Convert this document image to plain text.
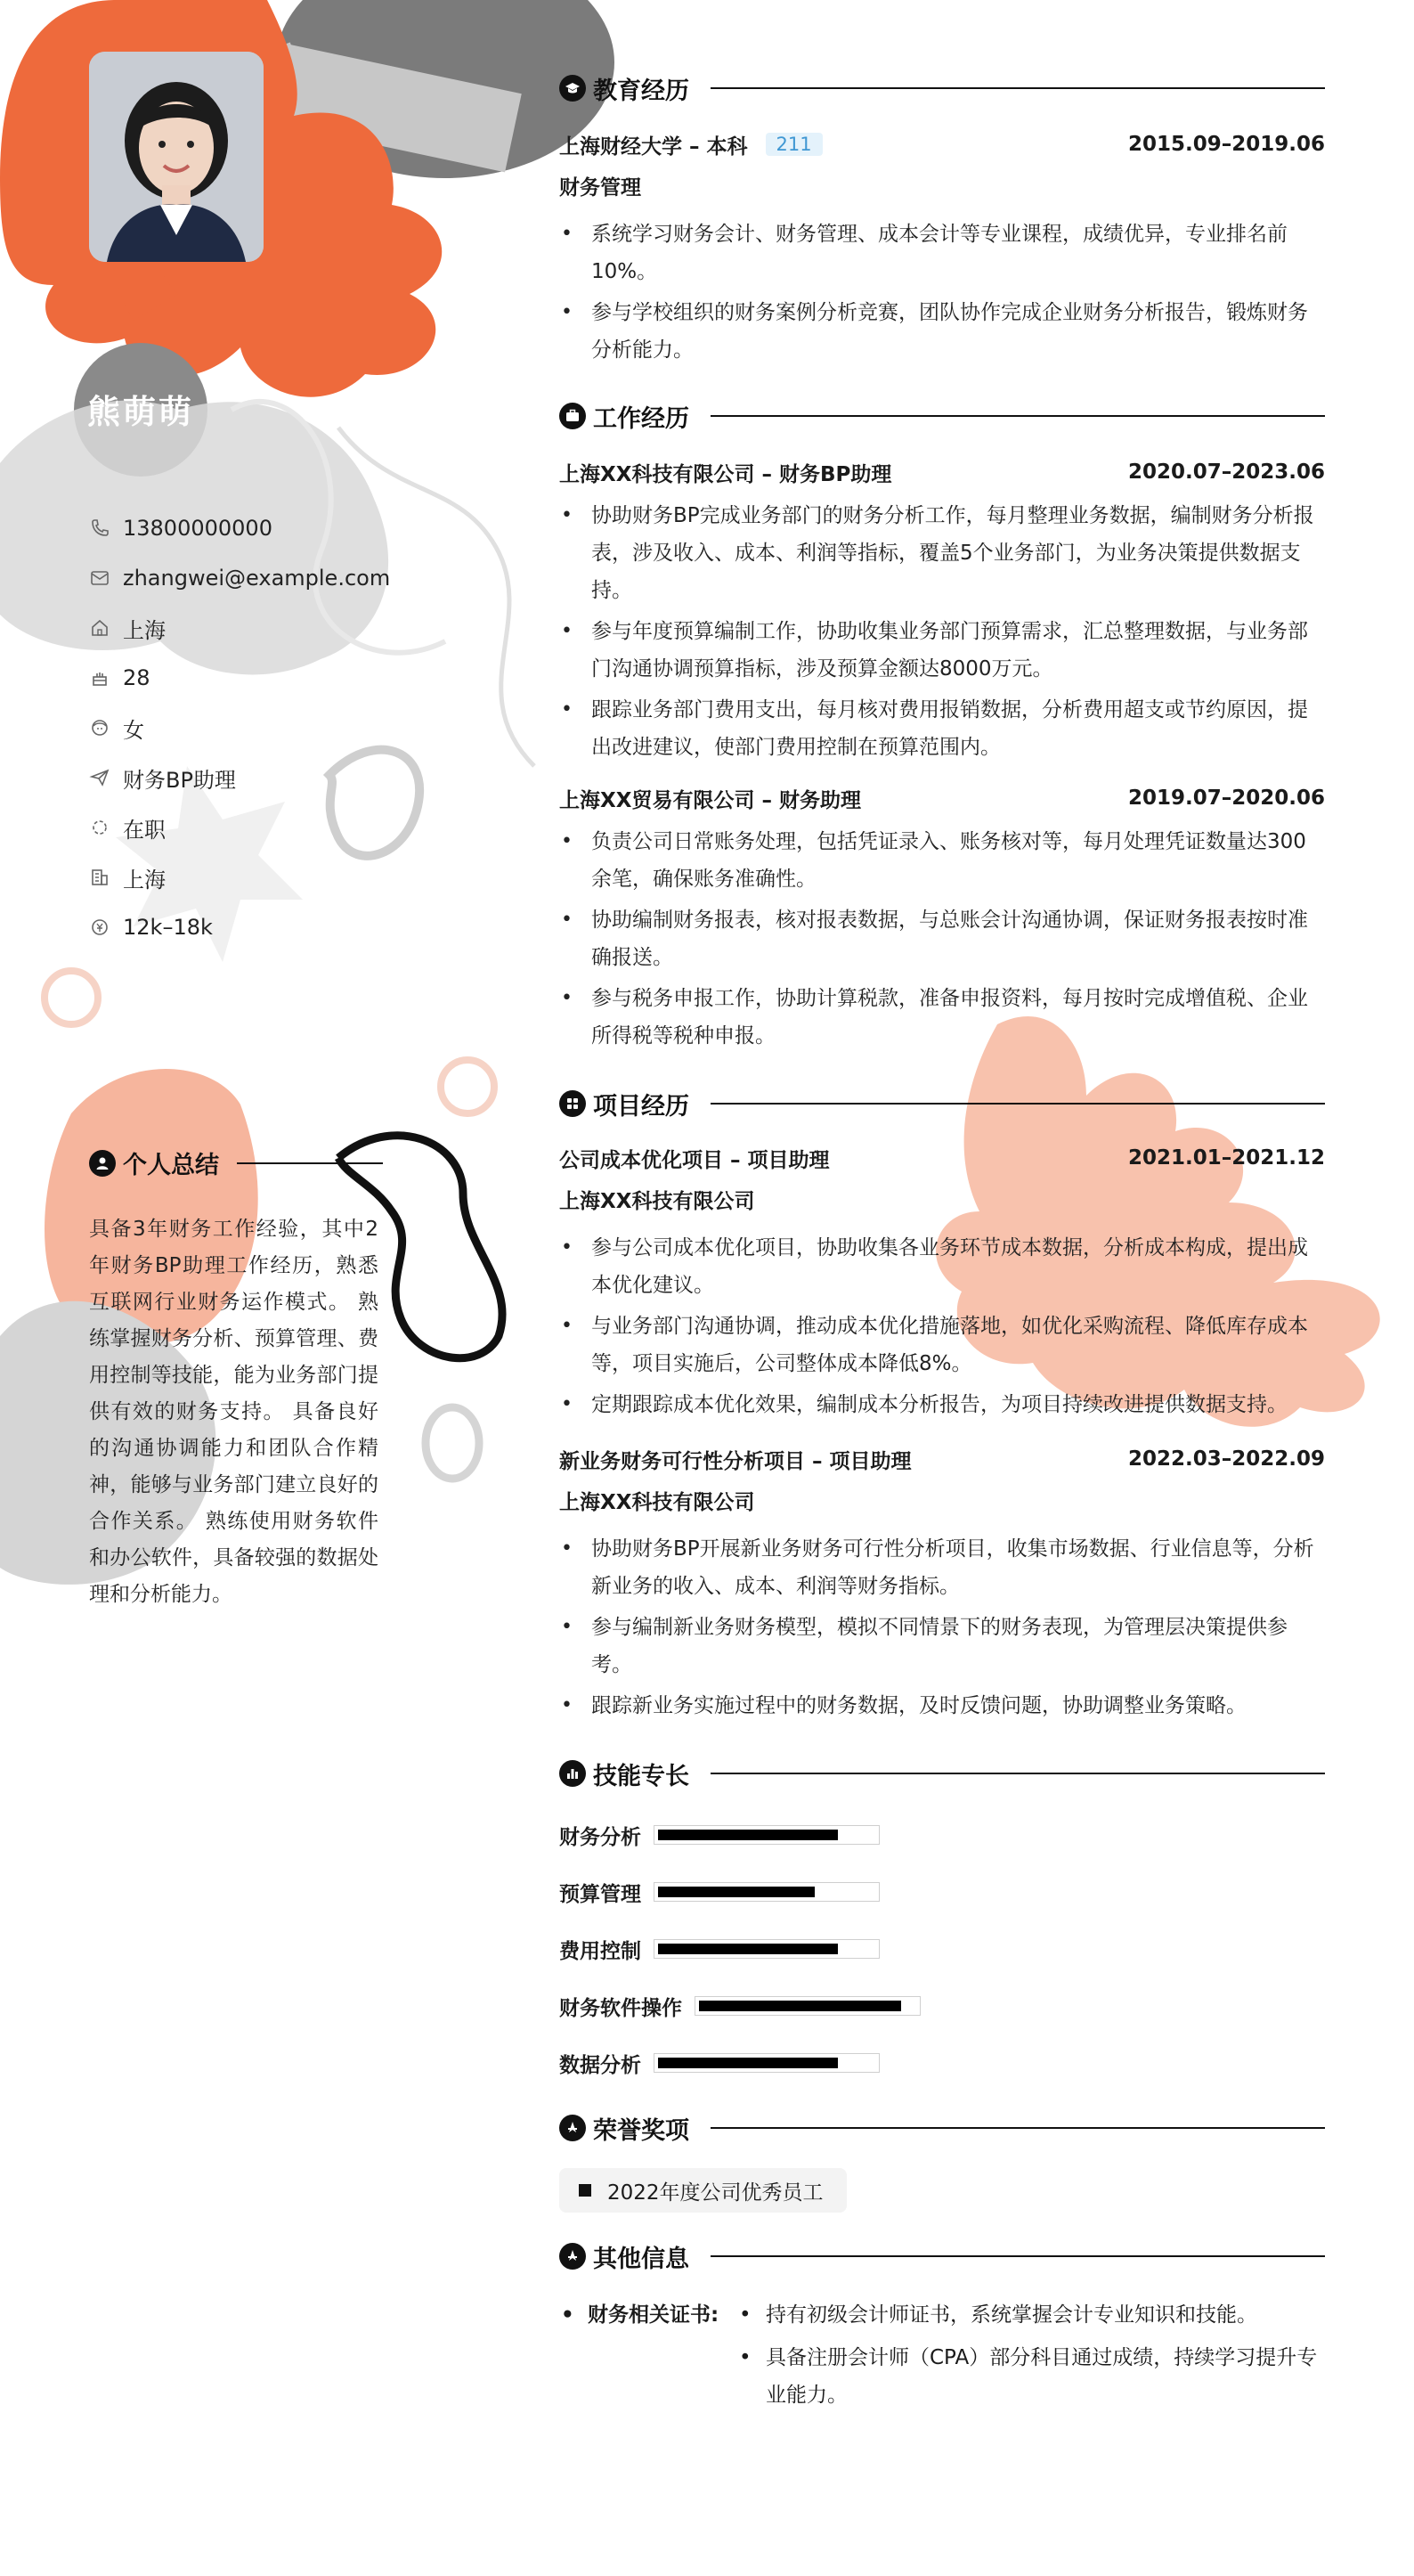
熊萌萌
13800000000
zhangwei@example.com
上海
28
女
财务BP助理
在职
上海
12k–18k
个人总结
具备3年财务工作经验，其中2年财务BP助理工作经历，熟悉互联网行业财务运作模式。 熟练掌握财务分析、预算管理、费用控制等技能，能为业务部门提供有效的财务支持。 具备良好的沟通协调能力和团队合作精神，能够与业务部门建立良好的合作关系。 熟练使用财务软件和办公软件，具备较强的数据处理和分析能力。
教育经历
上海财经大学 – 本科	211	2015.09–2019.06
财务管理
• 系统学习财务会计、财务管理、成本会计等专业课程，成绩优异，专业排名前10%。
• 参与学校组织的财务案例分析竞赛，团队协作完成企业财务分析报告，锻炼财务分析能力。
工作经历
上海XX科技有限公司 – 财务BP助理	2020.07–2023.06
• 协助财务BP完成业务部门的财务分析工作，每月整理业务数据，编制财务分析报表，涉及收入、成本、利润等指标，覆盖5个业务部门，为业务决策提供数据支持。
• 参与年度预算编制工作，协助收集业务部门预算需求，汇总整理数据，与业务部门沟通协调预算指标，涉及预算金额达8000万元。
• 跟踪业务部门费用支出，每月核对费用报销数据，分析费用超支或节约原因，提出改进建议，使部门费用控制在预算范围内。
上海XX贸易有限公司 – 财务助理	2019.07–2020.06
• 负责公司日常账务处理，包括凭证录入、账务核对等，每月处理凭证数量达300余笔，确保账务准确性。
• 协助编制财务报表，核对报表数据，与总账会计沟通协调，保证财务报表按时准确报送。
• 参与税务申报工作，协助计算税款，准备申报资料，每月按时完成增值税、企业所得税等税种申报。
项目经历
公司成本优化项目 – 项目助理	2021.01–2021.12
上海XX科技有限公司
• 参与公司成本优化项目，协助收集各业务环节成本数据，分析成本构成，提出成本优化建议。
• 与业务部门沟通协调，推动成本优化措施落地，如优化采购流程、降低库存成本等，项目实施后，公司整体成本降低8%。
• 定期跟踪成本优化效果，编制成本分析报告，为项目持续改进提供数据支持。
新业务财务可行性分析项目 – 项目助理	2022.03–2022.09
上海XX科技有限公司
• 协助财务BP开展新业务财务可行性分析项目，收集市场数据、行业信息等，分析新业务的收入、成本、利润等财务指标。
• 参与编制新业务财务模型，模拟不同情景下的财务表现，为管理层决策提供参考。
• 跟踪新业务实施过程中的财务数据，及时反馈问题，协助调整业务策略。
技能专长
财务分析
预算管理
费用控制
财务软件操作
数据分析
荣誉奖项
2022年度公司优秀员工
其他信息
• 财务相关证书:
•	持有初级会计师证书，系统掌握会计专业知识和技能。
• 具备注册会计师（CPA）部分科目通过成绩，持续学习提升专业能力。
